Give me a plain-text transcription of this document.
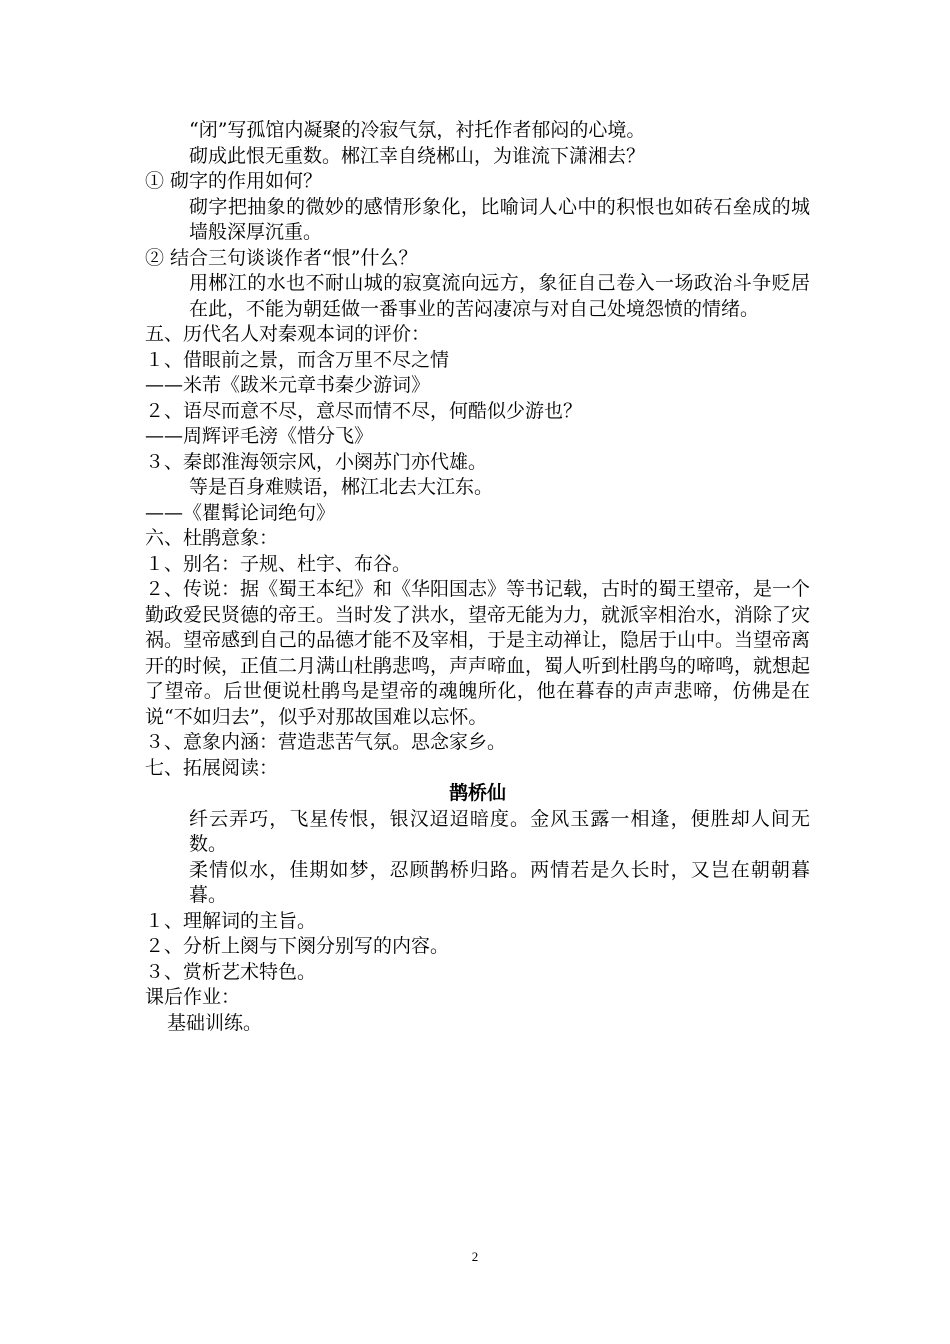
“闭”写孤馆内凝聚的冷寂气氛，衬托作者郁闷的心境。
砌成此恨无重数。郴江幸自绕郴山，为谁流下潇湘去？
① 砌字的作用如何？
砌字把抽象的微妙的感情形象化，比喻词人心中的积恨也如砖石垒成的城墙般深厚沉重。
② 结合三句谈谈作者“恨”什么？
用郴江的水也不耐山城的寂寞流向远方，象征自己卷入一场政治斗争贬居在此，不能为朝廷做一番事业的苦闷凄凉与对自己处境怨愤的情绪。
五、历代名人对秦观本词的评价：
１、借眼前之景，而含万里不尽之情
——米芾《跋米元章书秦少游词》
２、语尽而意不尽，意尽而情不尽，何酷似少游也？
——周辉评毛滂《惜分飞》
３、秦郎淮海领宗风，小阕苏门亦代雄。
等是百身难赎语，郴江北去大江东。
——《瞿髯论词绝句》
六、杜鹃意象：
１、别名：子规、杜宇、布谷。
２、传说：据《蜀王本纪》和《华阳国志》等书记载，古时的蜀王望帝，是一个勤政爱民贤德的帝王。当时发了洪水，望帝无能为力，就派宰相治水，消除了灾祸。望帝感到自己的品德才能不及宰相，于是主动禅让，隐居于山中。当望帝离开的时候，正值二月满山杜鹃悲鸣，声声啼血，蜀人听到杜鹃鸟的啼鸣，就想起了望帝。后世便说杜鹃鸟是望帝的魂魄所化，他在暮春的声声悲啼，仿佛是在说“不如归去”，似乎对那故国难以忘怀。
３、意象内涵：营造悲苦气氛。思念家乡。
七、拓展阅读：
鹊桥仙
纤云弄巧，飞星传恨，银汉迢迢暗度。金风玉露一相逢，便胜却人间无数。
柔情似水，佳期如梦，忍顾鹊桥归路。两情若是久长时，又岂在朝朝暮暮。
１、理解词的主旨。
２、分析上阕与下阕分别写的内容。
３、赏析艺术特色。
课后作业：
基础训练。
2
